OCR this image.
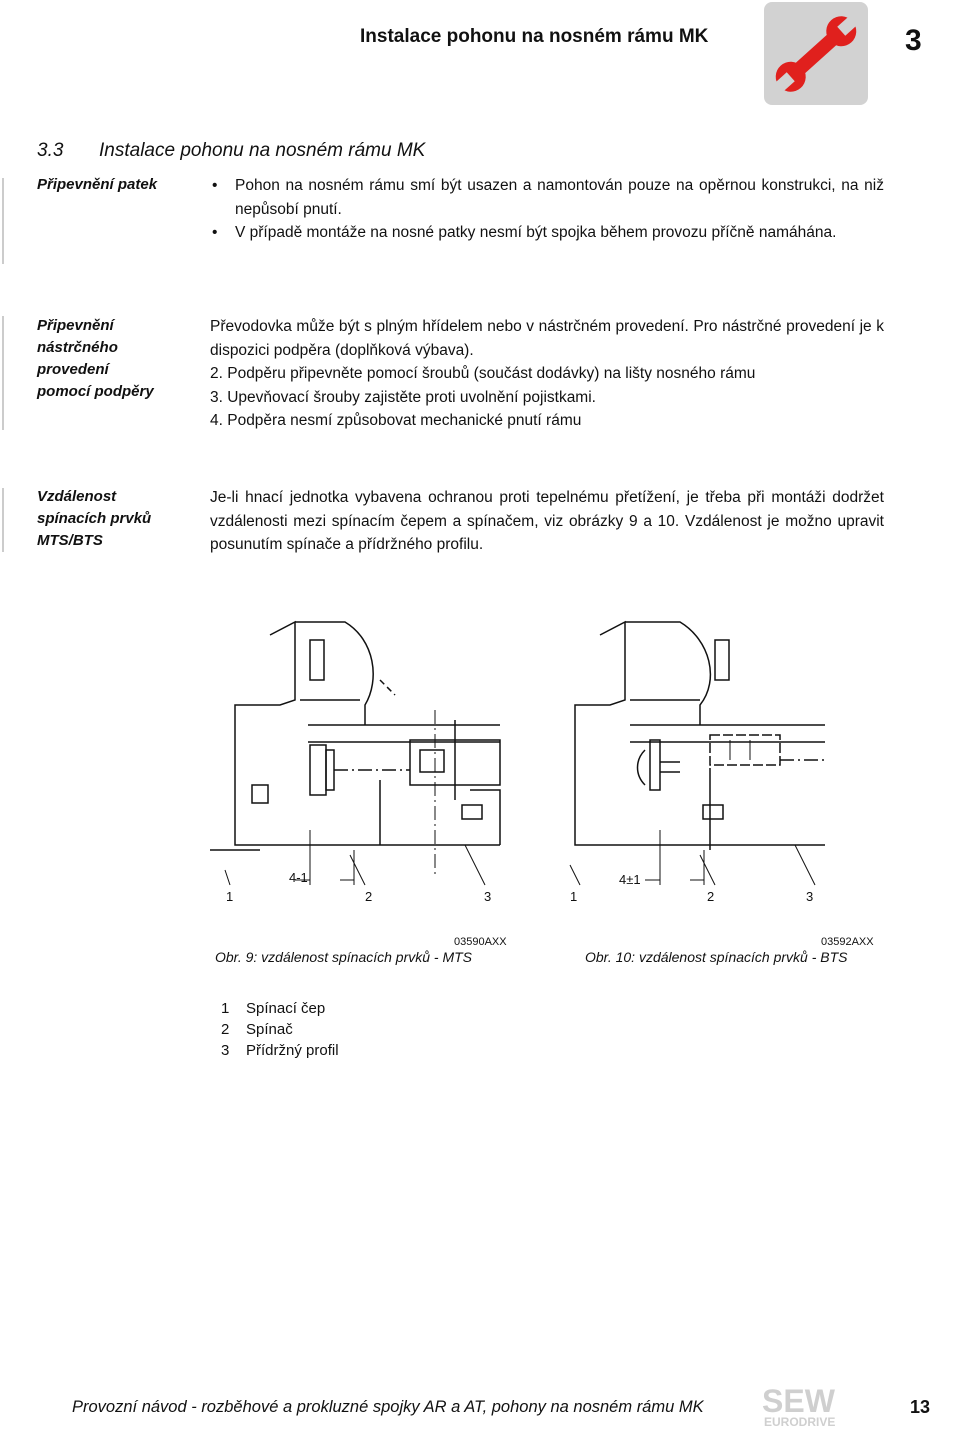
Instalace pohonu na nosném rámu MK	3
3.3 Instalace pohonu na nosném rámu MK
Připevnění patek
•	Pohon na nosném rámu smí být usazen a namontován pouze na opěrnou konstrukci, na niž nepůsobí pnutí.
• V případě montáže na nosné patky nesmí být spojka během provozu příčně namáhána.
Připevnění
nástrčného
provedení
pomocí podpěry

Převodovka může být s plným hřídelem nebo v nástrčném provedení. Pro nástrčné provedení je k dispozici podpěra (doplňková výbava).

2. Podpěru připevněte pomocí šroubů (součást dodávky) na lišty nosného rámu

3. Upevňovací šrouby zajistěte proti uvolnění pojistkami.

4. Podpěra nesmí způsobovat mechanické pnutí rámu

Vzdálenost
spínacích prvků
MTS/BTS

Je-li hnací jednotka vybavena ochranou proti tepelnému přetížení, je třeba při montáži dodržet vzdálenosti mezi spínacím čepem a spínačem, viz obrázky 9 a 10. Vzdálenost je možno upravit posunutím spínače a přídržného profilu.

4-1
1	2	3
03590AXX
Obr. 9: vzdálenost spínacích prvků - MTS
4±1
1	2	3
03592AXX
Obr. 10: vzdálenost spínacích prvků - BTS
1 Spínací čep
2 Spínač
3 Přídržný profil
Provozní návod - rozběhové a prokluzné spojky AR a AT, pohony na nosném rámu MK SEW
EURODRIVE
13
